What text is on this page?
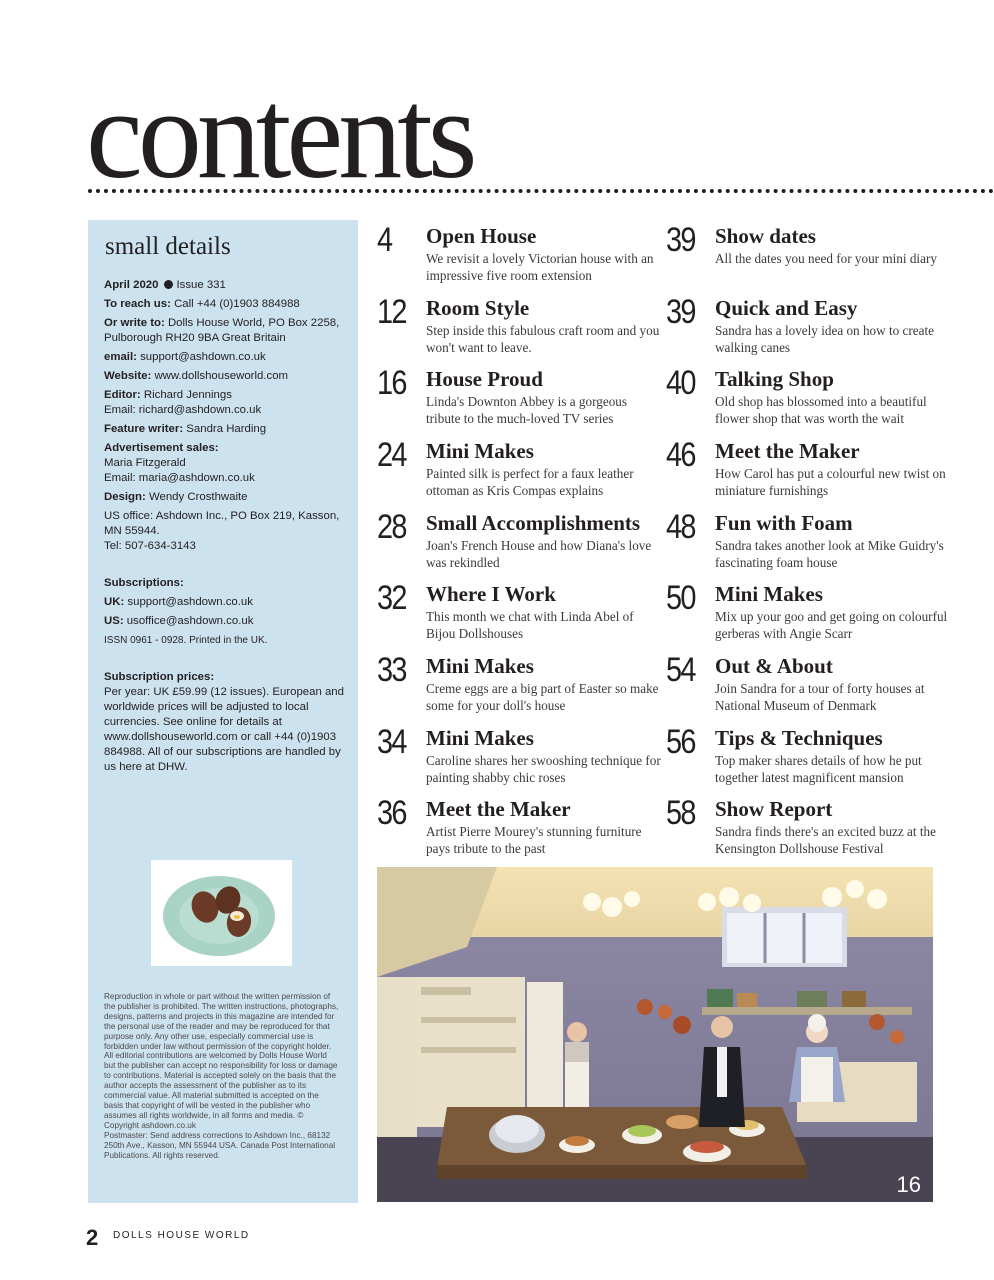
contents
small details

April 2020 Issue 331

To reach us: Call +44 (0)1903 884988

Or write to: Dolls House World, PO Box 2258, Pulborough RH20 9BA Great Britain

email: support@ashdown.co.uk

Website: www.dollshouseworld.com

Editor: Richard Jennings
Email: richard@ashdown.co.uk

Feature writer: Sandra Harding

Advertisement sales:
Maria Fitzgerald
Email: maria@ashdown.co.uk

Design: Wendy Crosthwaite

US office: Ashdown Inc., PO Box 219, Kasson, MN 55944.
Tel: 507-634-3143

Subscriptions:

UK: support@ashdown.co.uk

US: usoffice@ashdown.co.uk

ISSN 0961 - 0928. Printed in the UK.

Subscription prices:
Per year: UK £59.99 (12 issues). European and worldwide prices will be adjusted to local currencies. See online for details at www.dollshouseworld.com or call +44 (0)1903 884988. All of our subscriptions are handled by us here at DHW.

Reproduction in whole or part without the written permission of the publisher is prohibited. The written instructions, photographs, designs, patterns and projects in this magazine are intended for the personal use of the reader and may be reproduced for that purpose only. Any other use, especially commercial use is forbidden under law without permission of the copyright holder. All editorial contributions are welcomed by Dolls House World but the publisher can accept no responsibility for loss or damage to contributions. Material is accepted solely on the basis that the author accepts the assessment of the publisher as to its commercial value. All material submitted is accepted on the basis that copyright of will be vested in the publisher who assumes all rights worldwide, in all forms and media. © Copyright ashdown.co.uk

Postmaster: Send address corrections to Ashdown Inc., 68132 250th Ave., Kasson, MN 55944 USA. Canada Post International Publications. All rights reserved.

4 Open House
We revisit a lovely Victorian house with an impressive five room extension
12 Room Style
Step inside this fabulous craft room and you won't want to leave.
16 House Proud
Linda's Downton Abbey is a gorgeous tribute to the much-loved TV series
24 Mini Makes
Painted silk is perfect for a faux leather ottoman as Kris Compas explains
28 Small Accomplishments
Joan's French House and how Diana's love was rekindled
32 Where I Work
This month we chat with Linda Abel of Bijou Dollshouses
33 Mini Makes
Creme eggs are a big part of Easter so make some for your doll's house
34 Mini Makes
Caroline shares her swooshing technique for painting shabby chic roses
36 Meet the Maker
Artist Pierre Mourey's stunning furniture pays tribute to the past
39 Show dates
All the dates you need for your mini diary
39 Quick and Easy
Sandra has a lovely idea on how to create walking canes
40 Talking Shop
Old shop has blossomed into a beautiful flower shop that was worth the wait
46 Meet the Maker
How Carol has put a colourful new twist on miniature furnishings
48 Fun with Foam
Sandra takes another look at Mike Guidry's fascinating foam house
50 Mini Makes
Mix up your goo and get going on colourful gerberas with Angie Scarr
54 Out & About
Join Sandra for a tour of forty houses at National Museum of Denmark
56 Tips & Techniques
Top maker shares details of how he put together latest magnificent mansion
58 Show Report
Sandra finds there's an excited buzz at the Kensington Dollshouse Festival
16
2 DOLLS HOUSE WORLD
